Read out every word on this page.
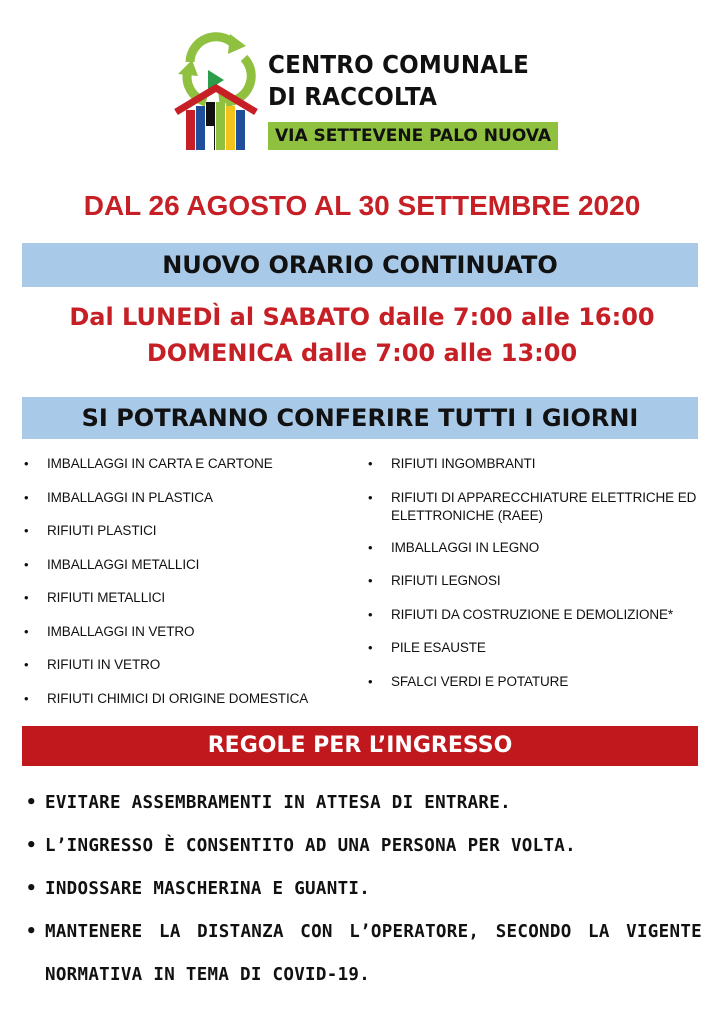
CENTRO COMUNALE
DI RACCOLTA
VIA SETTEVENE PALO NUOVA
DAL 26 AGOSTO AL 30 SETTEMBRE 2020
NUOVO ORARIO CONTINUATO
Dal LUNEDÌ al SABATO dalle 7:00 alle 16:00
DOMENICA dalle 7:00 alle 13:00
SI POTRANNO CONFERIRE TUTTI I GIORNI
• IMBALLAGGI IN CARTA E CARTONE
• IMBALLAGGI IN PLASTICA
• RIFIUTI PLASTICI
• IMBALLAGGI METALLICI
• RIFIUTI METALLICI
• IMBALLAGGI IN VETRO
• RIFIUTI IN VETRO
• RIFIUTI CHIMICI DI ORIGINE DOMESTICA
• RIFIUTI INGOMBRANTI
• RIFIUTI DI APPARECCHIATURE ELETTRICHE ED ELETTRONICHE (RAEE)
• IMBALLAGGI IN LEGNO
• RIFIUTI LEGNOSI
• RIFIUTI DA COSTRUZIONE E DEMOLIZIONE*
• PILE ESAUSTE
• SFALCI VERDI E POTATURE
REGOLE PER L’INGRESSO
• EVITARE ASSEMBRAMENTI IN ATTESA DI ENTRARE.
• L’INGRESSO È CONSENTITO AD UNA PERSONA PER VOLTA.
• INDOSSARE MASCHERINA E GUANTI.
• MANTENERE LA DISTANZA CON L’OPERATORE, SECONDO LA VIGENTE NORMATIVA IN TEMA DI COVID-19.
